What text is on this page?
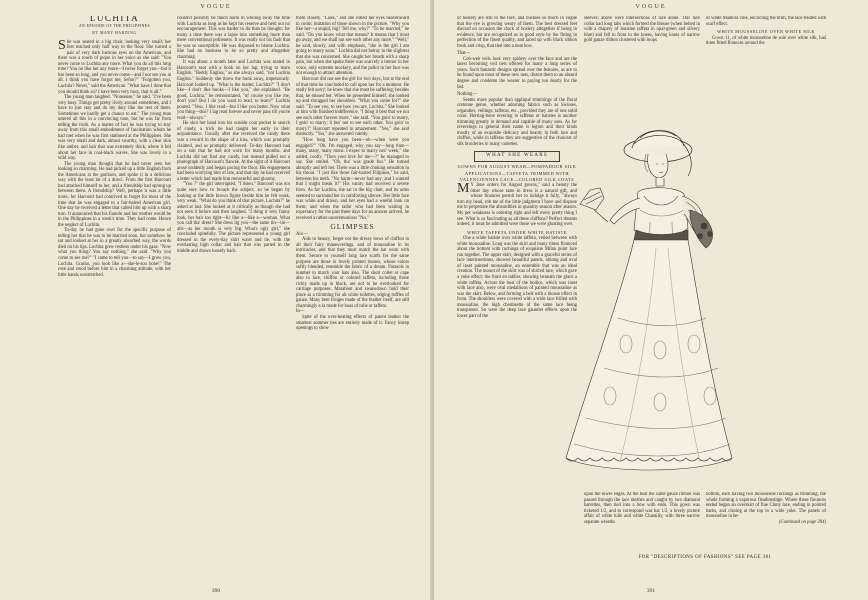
VOGUE
LUCHITA
AN EPISODE OF THE PHILIPPINES
BY MARY HARDING

She was seated in a big chair, looking very small; her feet reached only half way to the floor. She turned a pair of very dark lustrous eyes on the American, and there was a touch of pique in her voice as she said: "You never come to Luchita any more. What you do all this long time? You no like her any more—I never forget you—but it has been so long, and you never come—and I not see you at all. I think you have forgot me, Señor?" "Forgotten you, Luchita? Never," said the American. "What have I done that you should think so? I have been very busy, that is all."

The young man laughed. "Nonsense," he said. "I've been very busy. Things get pretty lively around sometimes, and I have to just stay and do my duty like the rest of them. Sometimes we hardly get a chance to eat." The young man uttered all this in a convincing tone, but he was far from telling the truth. As a matter of fact he was trying to stay away from this small embodiment of fascination whom he had met when he was first stationed at the Philippines. She was very small and dark, almost swarthy, with a clear skin like amber, and hair that was extremely thick, where it fell about her face in coal-black waves. She was lovely in a wild way.

The young man thought that he had never seen her looking so charming. He had picked up a little English from the Americans at the garrison, and spoke it in a delicious way with the least bit of a drawl. From the first Harcourt had attached himself to her, and a friendship had sprung up between them. A friendship? Well, perhaps it was a little more, for Harcourt had contrived to forget for most of the time that he was engaged to a fair-haired American girl. One day he received a letter that called him up with a sharp turn. It announced that his fiancée and her mother would be in the Philippines in a week's time. They had come. Hence the neglect of Luchita.

To-day he had gone over for the specific purpose of telling her that he was to be married soon, but somehow he sat and looked at her in a greatly absorbed way, the words died on his lips. Luchita grew restless under his gaze. "Now what you thing? You say nothing," she said. "Why you come to see me?" "I came to tell you—to say—I grow you, Luchita. Grasho, you look like a—ske-le-ton bone!" The rose and stood before him in a charming attitude, with her little hands outstretched.

couldn't possibly be much harm in whiling away the time with Luchita as long as he kept his reserve and held out no encouragement. This was harder to do than he thought; for many a time there was a lapse into something more than mere conventional politeness. It was really not his fault that he was so susceptible. He was disposed to blame Luchita. She had no business to be so pretty and altogether charming.

It was about a month later and Luchita was seated in Harcourt's seat with a book on her lap, trying to learn English. "Reddy Engliss," as she always said, "not Luchita Engliss." Suddenly she threw the book away, impetuously. Harcourt looked up. "What is the matter, Luchita?" "I don't like—I don't like books—I like you," she explained. "Be good, Luchita," he remonstrated, "of course you like me, don't you? But I do you want to read, to learn?" Luchita pouted. "Yess, I like read—but I like you better. Now what you thing—thsi? I lag read forever and never pass till you're read—always."

He shut her hand into his outside coat pocket in search of candy, a trick he had taught her early in their acquaintance. Usually after she received the candy there was a reward in the shape of a kiss, which was promptly claimed, and as promptly delivered. To-day Harcourt had on a suit that he had not worn for many months, and Luchita did not find any candy, but instead pulled out a photograph of Harcourt's fiancée. At the sight of it Harcourt arose suddenly and began pacing the floor. His engagement had been worrying him of late, and that day he had received a letter which had made him remorseful and gloomy.

"You ?" the girl interrupted, "I listen." Harcourt was not quite sure how to broach the subject, so he began by looking at the little brown figure beside him he felt weak, very weak. "What do you think of that picture, Luchita?" he asked at last. She looked at it critically as though she had not seen it before and then laughed. "I thing it very funny look, her hair too tight—lic like a—like a—woman. What you call tha' dress? She dress lig you—the same tin—tin—alls—as her mouth is very big. What's ugly girl," she concluded spitefully. The picture represented a young girl dressed in the every-day shirt waist and tie, with the everlasting high collar and hair that was parted in the middle and drawn loosely back.

them closely. "Look," and she rolled her eyes heavenward in comic imitation of those shown in the picture. "Why you like her—a stupid, big? Tell me, why?" "To be married," he said. "Do you know what that means? It means that I must go away, and we shall not see each other any more." "Well," he said, slowly, and with emphasis, "she is the girl I am going to marry soon." Luchita did not betray in the slightest that she was concerned. She caught her breath with a sharp pain, but when she spoke there was scarcely a tremor in her voice, only extreme mockery, and the pallor in her face was not enough to attract attention.

Harcourt did not see the girl for two days, but at the end of that time he concluded to call upon her for a moment. He really felt sorry; he knew that she must be suffering; besides that, he missed her. When he presented himself, she looked up and shrugged her shoulders. "What you come for?" she said. "To see you, to see how you are, Luchita." She looked at him with finished indifference. "I thing it best that we not see each other forever more," she said. "You goin' to marry, I goin' to marry; it bes' not to see each other. You goin' to marry?" Harcourt repeated in amazement. "Yes," she said distinctly. "Yes," she answered calmly.

"How long have you been—oh—when were you engaged?" "Oh, I'm engaged, why you say—long time—many, many, many mons. I expec to marry nex' week," she added, coolly. "Then your love for me—?" he managed to say. She smiled. "Oh, tha' was grade fun." He turned abruptly and left her. There was a little choking sensation in his throat. "I just like those fair-haired Filipinos," he said, between his teeth. "No harm—never had any; and I wanted that I might break it!" His vanity had received a severe blow. As for Luchita, she sat in the big chair, and its arms seemed to surround her in comforting silence. Her little face was white and drawn, and her eyes had a woeful look on them; and when the tailor who had been waiting in expectancy for the past three days for an answer arrived, he received a rather unceremonious "No."

GLIMPSES

Aix—

Aids to beauty, forget not the dressy bows of chiffon in all their fairy maneuverings, and of moussaline in its intricacies, and that they must match the hat worn with them. Secure to yourself long lace scarfs for the same purpose are those in lovely printed tissues, whose colors softly blended, resemble the fabric of a dream. Parasols in number to match your hats also. The short collet or cape also in lace, chiffon or colored taffeta, including those richly made up in black, are not to be overlooked for carriage purposes. Marabout and swansdown hold their place as a trimming for all white toilettes, edging ruffles of gauze. Many bent fringes made of the feather itself, are still charmingly a la mode for boas of tulle or taffeta.

In—

Spite of the over-heating effects of patent leather the smartest summer ties are entirely made of it. Fancy instep openings to show

390
VOGUE

of hosiery are still to the fore, and buckles so much in vogue that the eye is growing weary of them. The best dressed feet discard on occasion the clock of hosiery altogether if being in evidence, but are recognized as in good style by the fitting in perfection of the finest quality, and laced up with black ribbon fresh and crisp, that tied into a neat bow.

That—

Cob-web veils look very spidery over the face and are the latest becoming veil nets offered for many a long series of years. Such fantastic designs spread over the features, as are to be found upon most of these new nets, distort them to an absurd degree and condemn the wearer to paying too dearly for the fad.

Nothing—

Seems more popular than appliqué trimmings of the floral cretonne genre, whether adorning fabrics such as Swisses, organdies, veilings, taffetas, etc., provided they are of one solid color. Herring-bone revering in taffetas or batistes is another trimming greatly in demand and capable of many uses. As for revereings in general their name is legion and their kinds mostly of an exquisite delicacy and beauty in both lace and chiffon, while in taffetas they are suggestive of the choicest of silk broideries in many varieties.

WHAT SHE WEARS
GOWNS FOR AUGUST WEAR—POMPADOUR SILK
APPLICATIONS—TAFFETA TRIMMED WITH VALENCIENNES LACE—COLORED SILK COATS

M Y June orders for August gowns," said a beauty the other day whose taste in dress is a natural gift, and whose finances permit her to indulge it fully, "always turn my head, rob me of the little judgment I have and dispose me to perpetrate the absurdities in quantity season after season. My pet weakness is ordering right and left every pretty thing I see. What is so fascinating as all these chiffons? Perfect dreams indeed, it must be admitted were those we were gloating over.

WHITE TAFFETA UNDER WHITE BATISTE

One a white batiste over white taffeta, veiled between with white moussaline. Long was the skirt and many times flounced about the bottom with ruchings of exquisite Milan point lace run together. The upper skirt, designed with a graceful series of lace interinsertions, showed beautiful panels, oblong and oval of inset painted moussaline, an ensemble that was an ideal creation. The mount of the skirt was of shirred lace, which gave a yoke effect; the front en tablier, showing beneath the glace a white taffeta. Across the bust of the bodice, which was inset with lace also, were oval medallions of painted moussaline as was the skirt. Below, and forming a belt with a blouse effect in front. The shoulders were covered with a wide lace frilled with moussaline, the high chemisette of the same lace being transparent. So were the deep lace gauntlet effects upon the lower part of the

sleeves; above were intersections of lace alone. This lace collar had long tabs which formed the blouse (when belted in with a drapery of louisine taffeta in opal-green and silvery blue) and fell in front to the knees, having knots of narrow gold gauze ribbon clustered with loops

of white Madeira vine, encircling the brim, the lace treated with scarf effect.

WHITE MOUSSELINE OVER WHITE SILK

Gown 11, of white mousseline de soie over white silk, had three fitted flounces around the

upon the lower edges. At the bust the same gauze ribbon was passed through the lace meshes and caught by two diamond barrettes, then tied into a bow with ends. This gown was ticketed 1/2, and to correspond was hat 1/2, a lovely picture affair of white tulle and white Chantilly, with three narrow separate wreaths

bottom, each having two mousseline ruchings as trimming, the whole forming a vaporous fleadimstitge. Where these flounces ended began an overskirt of fine Cluny lace, ending in pointed barbs, and closing at the top in a wide yoke. The panels of mousseline in be-

(Continued on page 394)

FOR "DESCRIPTIONS OF FASHIONS" SEE PAGE 381
391
